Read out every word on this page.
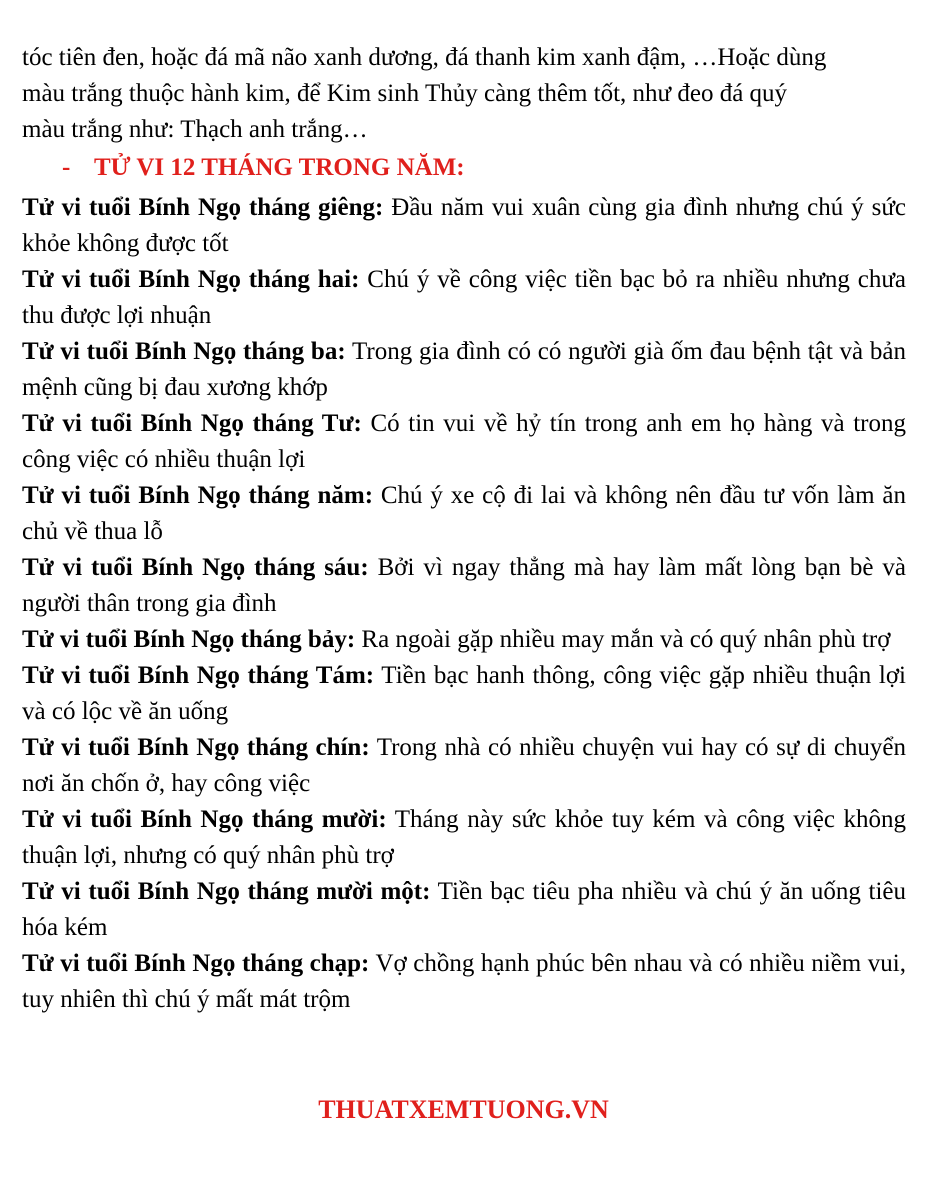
tóc tiên đen, hoặc đá mã não xanh dương, đá thanh kim xanh đậm, …Hoặc dùng

màu trắng thuộc hành kim, để Kim sinh Thủy càng thêm tốt, như đeo đá quý

màu trắng như: Thạch anh trắng…

- TỬ VI 12 THÁNG TRONG NĂM:
Tử vi tuổi Bính Ngọ tháng giêng: Đầu năm vui xuân cùng gia đình nhưng chú ý sức khỏe không được tốt
Tử vi tuổi Bính Ngọ tháng hai: Chú ý về công việc tiền bạc bỏ ra nhiều nhưng chưa thu được lợi nhuận
Tử vi tuổi Bính Ngọ tháng ba: Trong gia đình có có người già ốm đau bệnh tật và bản mệnh cũng bị đau xương khớp
Tử vi tuổi Bính Ngọ tháng Tư: Có tin vui về hỷ tín trong anh em họ hàng và trong công việc có nhiều thuận lợi
Tử vi tuổi Bính Ngọ tháng năm: Chú ý xe cộ đi lai và không nên đầu tư vốn làm ăn chủ về thua lỗ
Tử vi tuổi Bính Ngọ tháng sáu: Bởi vì ngay thẳng mà hay làm mất lòng bạn bè và người thân trong gia đình
Tử vi tuổi Bính Ngọ tháng bảy: Ra ngoài gặp nhiều may mắn và có quý nhân phù trợ
Tử vi tuổi Bính Ngọ tháng Tám: Tiền bạc hanh thông, công việc gặp nhiều thuận lợi và có lộc về ăn uống
Tử vi tuổi Bính Ngọ tháng chín: Trong nhà có nhiều chuyện vui hay có sự di chuyển nơi ăn chốn ở, hay công việc
Tử vi tuổi Bính Ngọ tháng mười: Tháng này sức khỏe tuy kém và công việc không thuận lợi, nhưng có quý nhân phù trợ
Tử vi tuổi Bính Ngọ tháng mười một: Tiền bạc tiêu pha nhiều và chú ý ăn uống tiêu hóa kém
Tử vi tuổi Bính Ngọ tháng chạp: Vợ chồng hạnh phúc bên nhau và có nhiều niềm vui, tuy nhiên thì chú ý mất mát trộm
THUATXEMTUONG.VN
